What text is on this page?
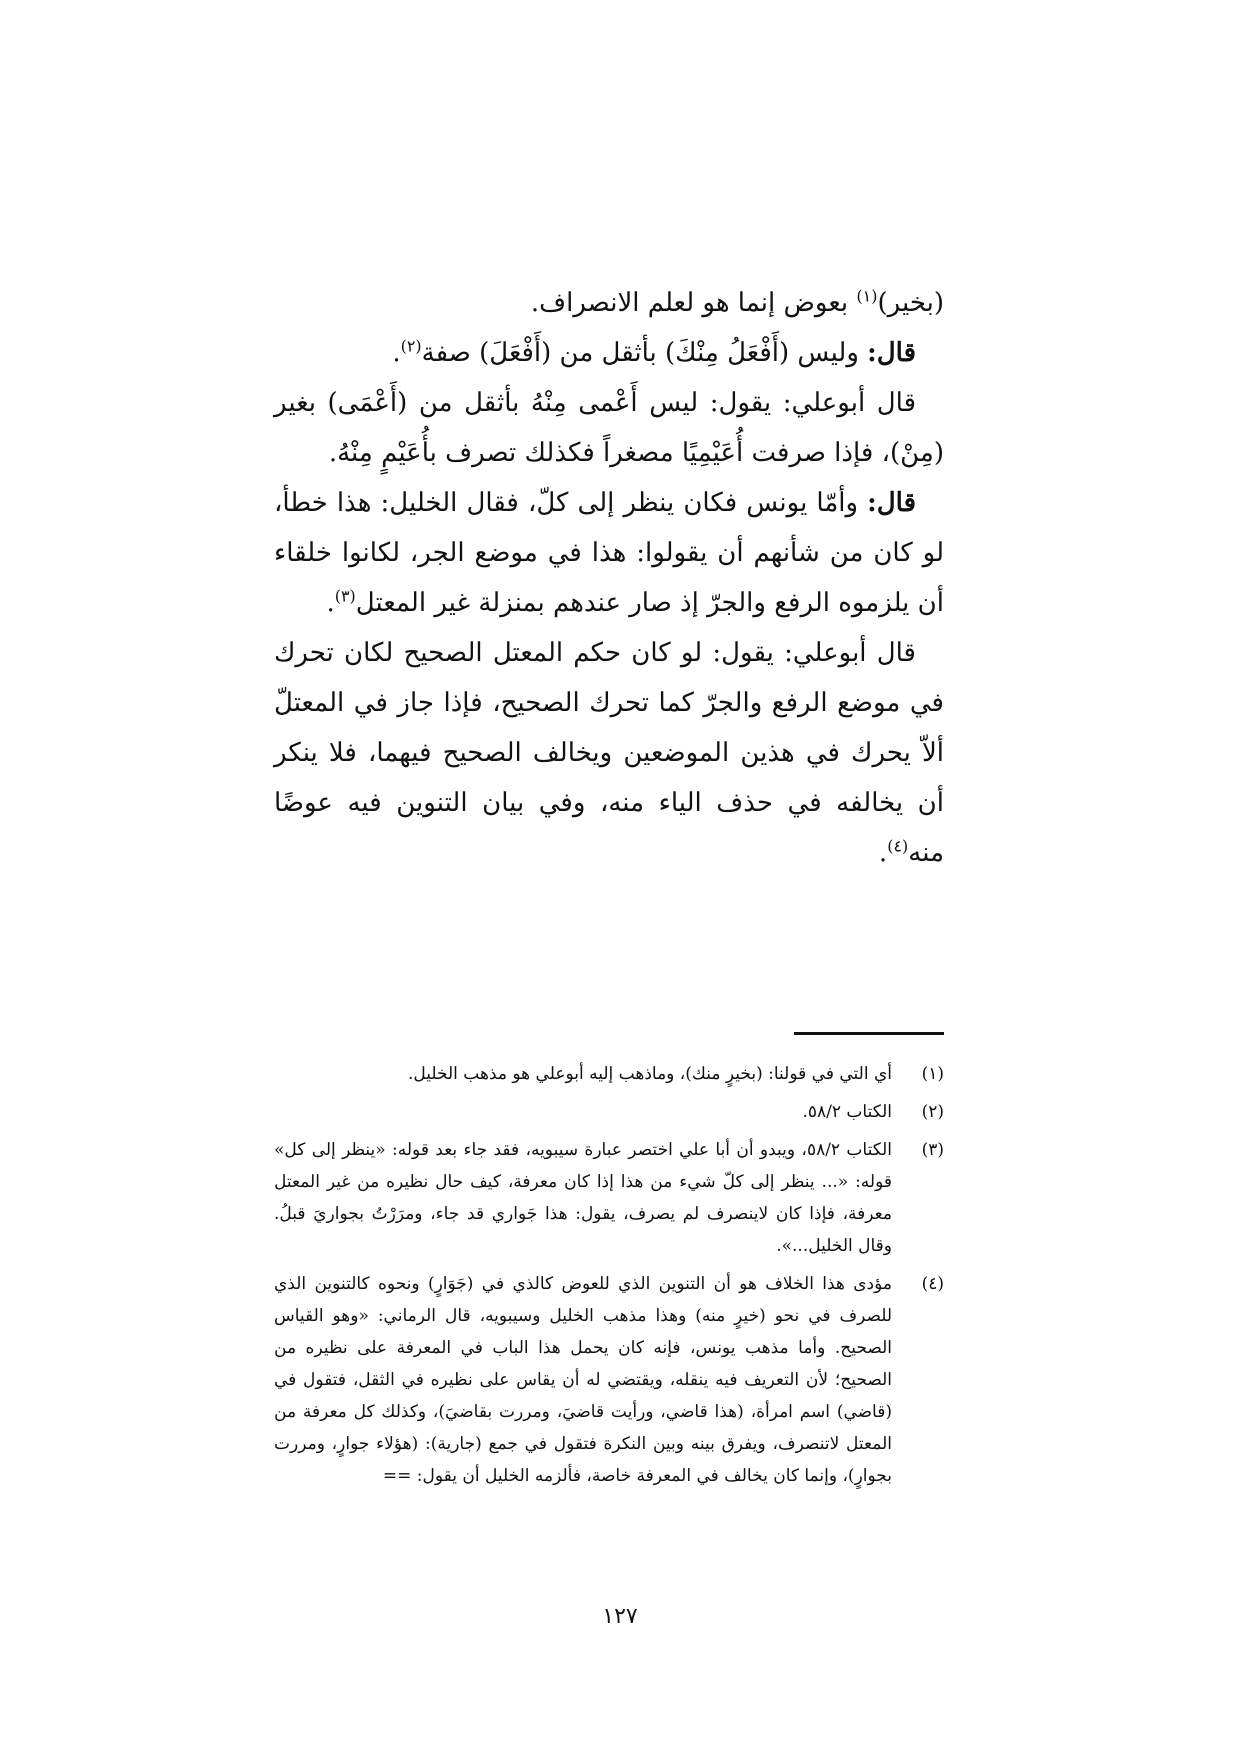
(بخير)$^{(١)}$ بعوض إنما هو لعلم الانصراف.

قال: وليس (أَفْعَلُ مِنْكَ) بأثقل من (أَفْعَلَ) صفة$^{(٢)}$.

قال أبوعلي: يقول: ليس أَعْمى مِنْهُ بأثقل من (أَعْمَى) بغير (مِنْ)، فإذا صرفت أُعَيْمِيًا مصغراً فكذلك تصرف بأُعَيْمٍ مِنْهُ.

قال: وأمّا يونس فكان ينظر إلى كلّ، فقال الخليل: هذا خطأ، لو كان من شأنهم أن يقولوا: هذا في موضع الجر، لكانوا خلقاء أن يلزموه الرفع والجرّ إذ صار عندهم بمنزلة غير المعتل$^{(٣)}$.

قال أبوعلي: يقول: لو كان حكم المعتل الصحيح لكان تحرك في موضع الرفع والجرّ كما تحرك الصحيح، فإذا جاز في المعتلّ ألاّ يحرك في هذين الموضعين ويخالف الصحيح فيهما، فلا ينكر أن يخالفه في حذف الياء منه، وفي بيان التنوين فيه عوضًا منه$^{(٤)}$.

(١)
أي التي في قولنا: (بخيرٍ منك)، وماذهب إليه أبوعلي هو مذهب الخليل.
(٢)
الكتاب ٥٨/٢.
(٣)
الكتاب ٥٨/٢، ويبدو أن أبا علي اختصر عبارة سيبويه، فقد جاء بعد قوله: «ينظر إلى كل» قوله: «... ينظر إلى كلّ شيء من هذا إذا كان معرفة، كيف حال نظيره من غير المعتل معرفة، فإذا كان لاينصرف لم يصرف، يقول: هذا جَواري قد جاء، ومرَرْتُ بجواريَ قبلُ. وقال الخليل...».
(٤)
مؤدى هذا الخلاف هو أن التنوين الذي للعوض كالذي في (جَوَارٍ) ونحوه كالتنوين الذي للصرف في نحو (خيرٍ منه) وهذا مذهب الخليل وسيبويه، قال الرماني: «وهو القياس الصحيح. وأما مذهب يونس، فإنه كان يحمل هذا الباب في المعرفة على نظيره من الصحيح؛ لأن التعريف فيه ينقله، ويقتضي له أن يقاس على نظيره في الثقل، فتقول في (قاضي) اسم امرأة، (هذا قاضي، ورأيت قاضيَ، ومررت بقاضيَ)، وكذلك كل معرفة من المعتل لاتنصرف، ويفرق بينه وبين النكرة فتقول في جمع (جارية): (هؤلاء جوارٍ، ومررت بجوارٍ)، وإنما كان يخالف في المعرفة خاصة، فألزمه الخليل أن يقول: ==
١٢٧
